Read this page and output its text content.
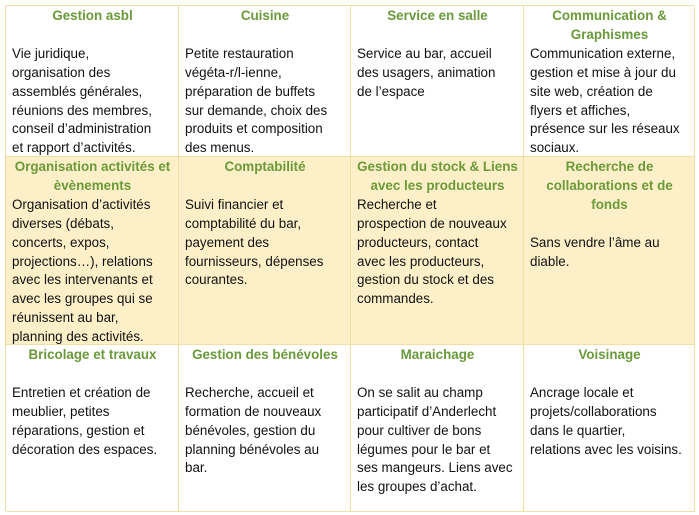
Gestion asbl

Vie juridique,
organisation des
assemblés générales,
réunions des membres,
conseil d’administration
et rapport d’activités.

Cuisine

Petite restauration
végéta-r/l-ienne,
préparation de buffets
sur demande, choix des
produits et composition
des menus.

Service en salle

Service au bar, accueil
des usagers, animation
de l’espace

Communication &
Graphismes

Communication externe,
gestion et mise à jour du
site web, création de
flyers et affiches,
présence sur les réseaux
sociaux.

Organisation activités et
èvènements

Organisation d’activités
diverses (débats,
concerts, expos,
projections…), relations
avec les intervenants et
avec les groupes qui se
réunissent au bar,
planning des activités.

Comptabilité

Suivi financier et
comptabilité du bar,
payement des
fournisseurs, dépenses
courantes.

Gestion du stock & Liens
avec les producteurs

Recherche et
prospection de nouveaux
producteurs, contact
avec les producteurs,
gestion du stock et des
commandes.

Recherche de
collaborations et de
fonds

Sans vendre l’âme au
diable.

Bricolage et travaux

Entretien et création de
meublier, petites
réparations, gestion et
décoration des espaces.

Gestion des bénévoles

Recherche, accueil et
formation de nouveaux
bénévoles, gestion du
planning bénévoles au
bar.

Maraichage

On se salit au champ
participatif d’Anderlecht
pour cultiver de bons
légumes pour le bar et
ses mangeurs. Liens avec
les groupes d’achat.

Voisinage

Ancrage locale et
projets/collaborations
dans le quartier,
relations avec les voisins.
